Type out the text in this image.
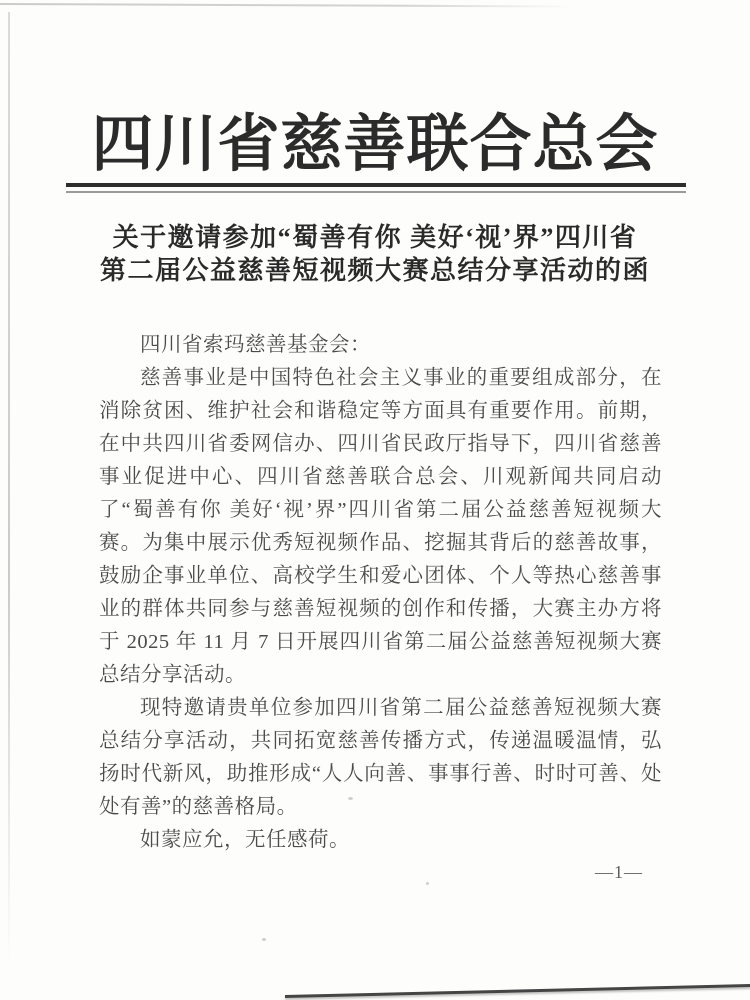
四川省慈善联合总会
关于邀请参加“蜀善有你 美好‘视’界”四川省
第二届公益慈善短视频大赛总结分享活动的函

四川省索玛慈善基金会：

慈善事业是中国特色社会主义事业的重要组成部分，在消除贫困、维护社会和谐稳定等方面具有重要作用。前期，在中共四川省委网信办、四川省民政厅指导下，四川省慈善事业促进中心、四川省慈善联合总会、川观新闻共同启动了“蜀善有你 美好‘视’界”四川省第二届公益慈善短视频大赛。为集中展示优秀短视频作品、挖掘其背后的慈善故事，鼓励企事业单位、高校学生和爱心团体、个人等热心慈善事业的群体共同参与慈善短视频的创作和传播，大赛主办方将于 2025 年 11 月 7 日开展四川省第二届公益慈善短视频大赛总结分享活动。

现特邀请贵单位参加四川省第二届公益慈善短视频大赛总结分享活动，共同拓宽慈善传播方式，传递温暖温情，弘扬时代新风，助推形成“人人向善、事事行善、时时可善、处处有善”的慈善格局。

如蒙应允，无任感荷。

—1—
